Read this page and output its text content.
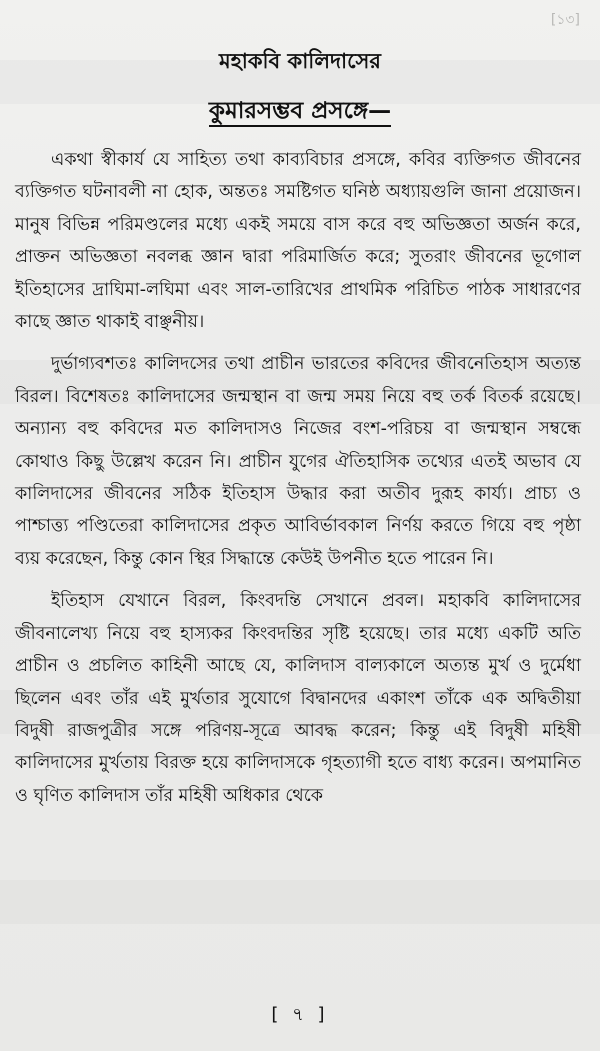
[১৩]
মহাকবি কালিদাসের
কুমারসম্ভব প্রসঙ্গে—

একথা স্বীকার্য যে সাহিত্য তথা কাব্যবিচার প্রসঙ্গে, কবির ব্যক্তিগত জীবনের ব্যক্তিগত ঘটনাবলী না হোক, অন্ততঃ সমষ্টিগত ঘনিষ্ঠ অধ্যায়গুলি জানা প্রয়োজন। মানুষ বিভিন্ন পরিমণ্ডলের মধ্যে একই সময়ে বাস করে বহু অভিজ্ঞতা অর্জন করে, প্রাক্তন অভিজ্ঞতা নবলব্ধ জ্ঞান দ্বারা পরিমার্জিত করে; সুতরাং জীবনের ভূগোল ইতিহাসের দ্রাঘিমা-লঘিমা এবং সাল-তারিখের প্রাথমিক পরিচিত পাঠক সাধারণের কাছে জ্ঞাত থাকাই বাঞ্ছনীয়।

দুর্ভাগ্যবশতঃ কালিদসের তথা প্রাচীন ভারতের কবিদের জীবনেতিহাস অত্যন্ত বিরল। বিশেষতঃ কালিদাসের জন্মস্থান বা জন্ম সময় নিয়ে বহু তর্ক বিতর্ক রয়েছে। অন্যান্য বহু কবিদের মত কালিদাসও নিজের বংশ-পরিচয় বা জন্মস্থান সম্বন্ধে কোথাও কিছু উল্লেখ করেন নি। প্রাচীন যুগের ঐতিহাসিক তথ্যের এতই অভাব যে কালিদাসের জীবনের সঠিক ইতিহাস উদ্ধার করা অতীব দুরূহ কার্য্য। প্রাচ্য ও পাশ্চাত্ত্য পণ্ডিতেরা কালিদাসের প্রকৃত আবির্ভাবকাল নির্ণয় করতে গিয়ে বহু পৃষ্ঠা ব্যয় করেছেন, কিন্তু কোন স্থির সিদ্ধান্তে কেউই উপনীত হতে পারেন নি।

ইতিহাস যেখানে বিরল, কিংবদন্তি সেখানে প্রবল। মহাকবি কালিদাসের জীবনালেখ্য নিয়ে বহু হাস্যকর কিংবদন্তির সৃষ্টি হয়েছে। তার মধ্যে একটি অতি প্রাচীন ও প্রচলিত কাহিনী আছে যে, কালিদাস বাল্যকালে অত্যন্ত মুর্খ ও দুর্মেধা ছিলেন এবং তাঁর এই মুর্খতার সুযোগে বিদ্বানদের একাংশ তাঁকে এক অদ্বিতীয়া বিদুষী রাজপুত্রীর সঙ্গে পরিণয়-সূত্রে আবদ্ধ করেন; কিন্তু এই বিদুষী মহিষী কালিদাসের মুর্খতায় বিরক্ত হয়ে কালিদাসকে গৃহত্যাগী হতে বাধ্য করেন। অপমানিত ও ঘৃণিত কালিদাস তাঁর মহিষী অধিকার থেকে

[ ৭ ]
